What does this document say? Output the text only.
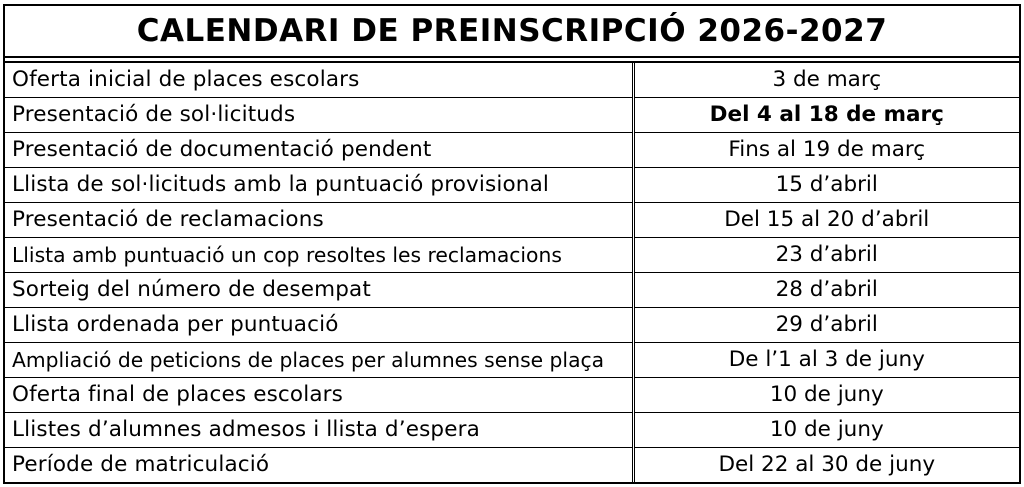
CALENDARI DE PREINSCRIPCIÓ 2026-2027
Oferta inicial de places escolars	3 de març
Presentació de sol·licituds	Del 4 al 18 de març
Presentació de documentació pendent	Fins al 19 de març
Llista de sol·licituds amb la puntuació provisional	15 d’abril
Presentació de reclamacions	Del 15 al 20 d’abril
Llista amb puntuació un cop resoltes les reclamacions	23 d’abril
Sorteig del número de desempat	28 d’abril
Llista ordenada per puntuació	29 d’abril
Ampliació de peticions de places per alumnes sense plaça	De l’1 al 3 de juny
Oferta final de places escolars	10 de juny
Llistes d’alumnes admesos i llista d’espera	10 de juny
Període de matriculació	Del 22 al 30 de juny
